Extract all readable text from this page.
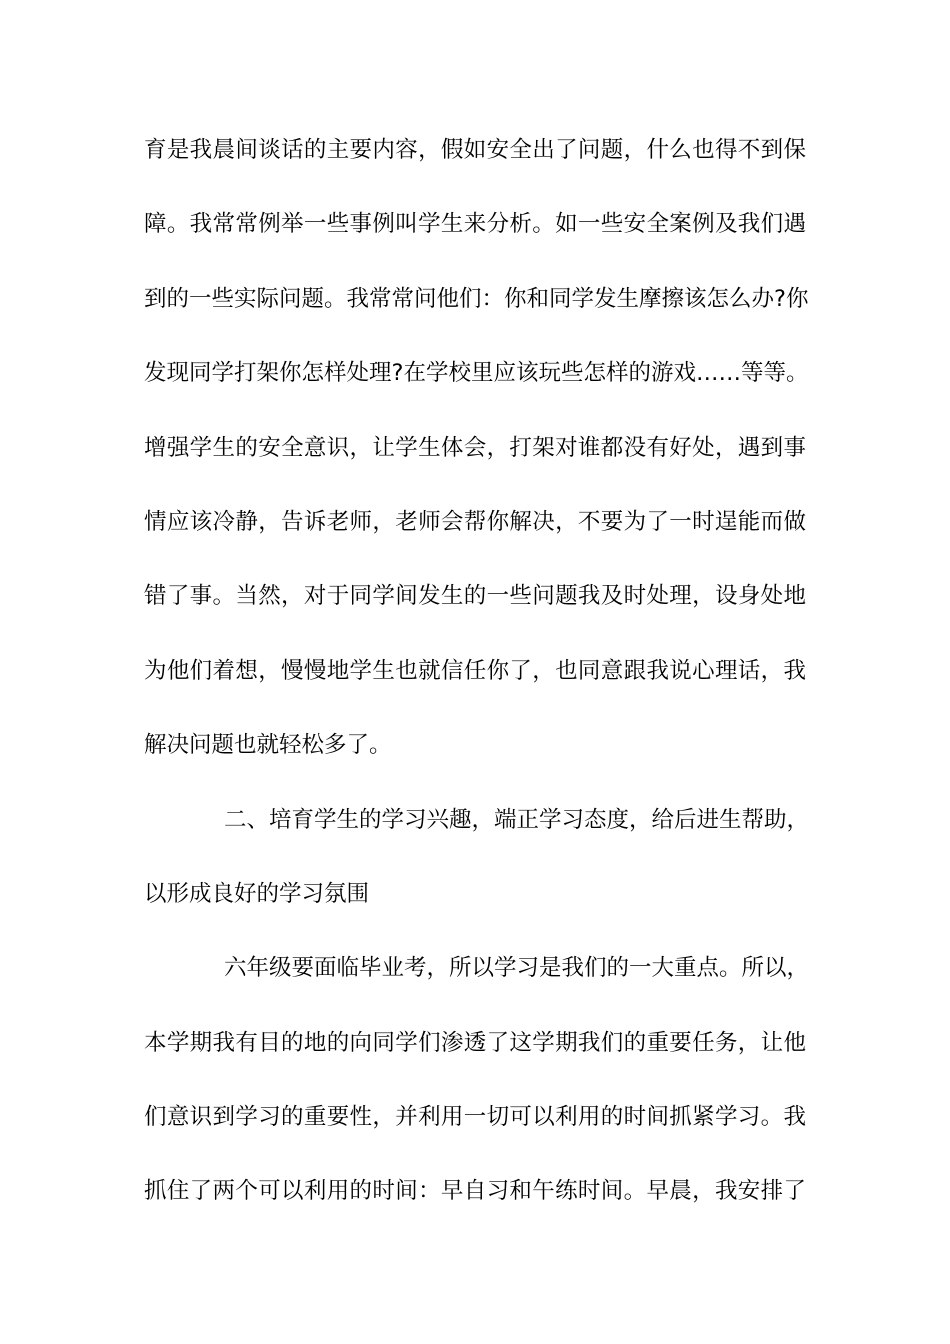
育是我晨间谈话的主要内容，假如安全出了问题，什么也得不到保
障。我常常例举一些事例叫学生来分析。如一些安全案例及我们遇
到的一些实际问题。我常常问他们：你和同学发生摩擦该怎么办?你
发现同学打架你怎样处理?在学校里应该玩些怎样的游戏……等等。
增强学生的安全意识，让学生体会，打架对谁都没有好处，遇到事
情应该冷静，告诉老师，老师会帮你解决，不要为了一时逞能而做
错了事。当然，对于同学间发生的一些问题我及时处理，设身处地
为他们着想，慢慢地学生也就信任你了，也同意跟我说心理话，我
解决问题也就轻松多了。
二、培育学生的学习兴趣，端正学习态度，给后进生帮助，
以形成良好的学习氛围
六年级要面临毕业考，所以学习是我们的一大重点。所以，
本学期我有目的地的向同学们渗透了这学期我们的重要任务，让他
们意识到学习的重要性，并利用一切可以利用的时间抓紧学习。我
抓住了两个可以利用的时间：早自习和午练时间。早晨，我安排了
